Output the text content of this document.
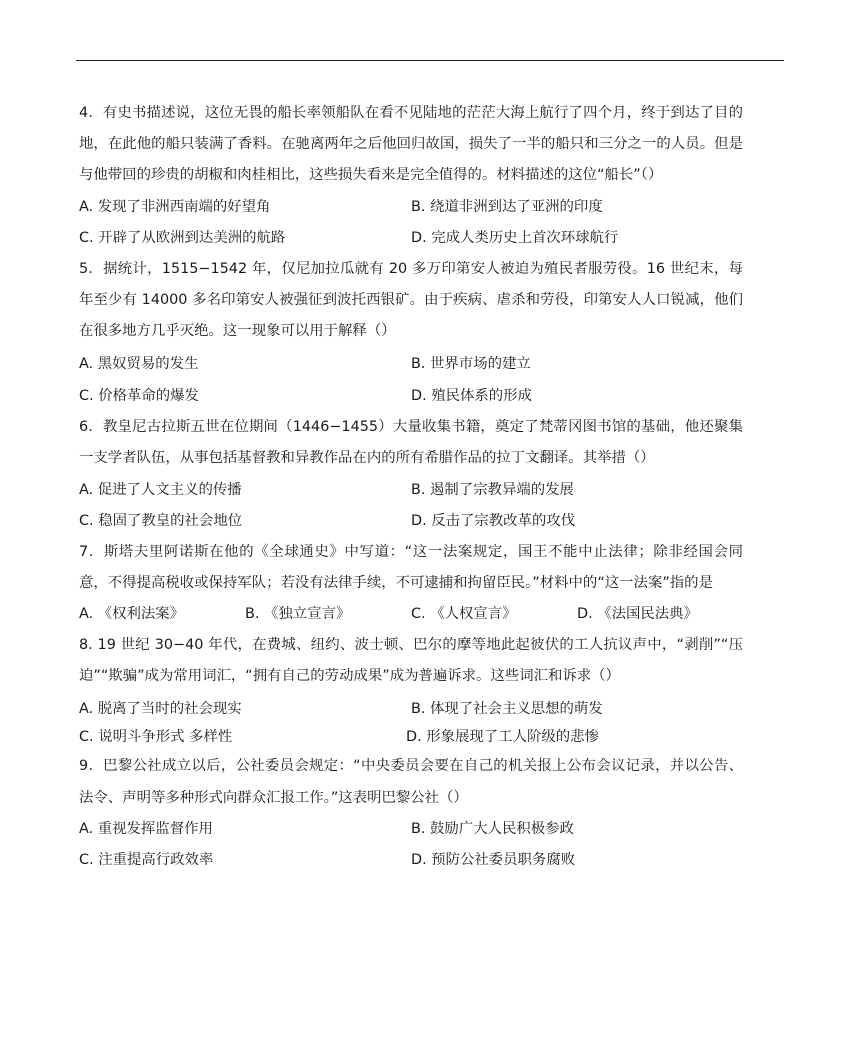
4．有史书描述说，这位无畏的船长率领船队在看不见陆地的茫茫大海上航行了四个月，终于到达了目的地，在此他的船只装满了香料。在驰离两年之后他回归故国，损失了一半的船只和三分之一的人员。但是与他带回的珍贵的胡椒和肉桂相比，这些损失看来是完全值得的。材料描述的这位“船长”（）

A. 发现了非洲西南端的好望角	B. 绕道非洲到达了亚洲的印度
C. 开辟了从欧洲到达美洲的航路	D. 完成人类历史上首次环球航行

5．据统计，1515−1542 年，仅尼加拉瓜就有 20 多万印第安人被迫为殖民者服劳役。16 世纪末，每年至少有 14000 多名印第安人被强征到波托西银矿。由于疾病、虐杀和劳役，印第安人人口锐减，他们在很多地方几乎灭绝。这一现象可以用于解释（）

A. 黑奴贸易的发生	B. 世界市场的建立
C. 价格革命的爆发	D. 殖民体系的形成

6．教皇尼古拉斯五世在位期间（1446−1455）大量收集书籍，奠定了梵蒂冈图书馆的基础，他还聚集一支学者队伍，从事包括基督教和异教作品在内的所有希腊作品的拉丁文翻译。其举措（）

A. 促进了人文主义的传播	B. 遏制了宗教异端的发展
C. 稳固了教皇的社会地位	D. 反击了宗教改革的攻伐

7．斯塔夫里阿诺斯在他的《全球通史》中写道：“这一法案规定，国王不能中止法律；除非经国会同意，不得提高税收或保持军队；若没有法律手续，不可逮捕和拘留臣民。”材料中的“这一法案”指的是

A. 《权利法案》	B. 《独立宣言》	C. 《人权宣言》	D. 《法国民法典》

8. 19 世纪 30−40 年代，在费城、纽约、波士顿、巴尔的摩等地此起彼伏的工人抗议声中，“剥削”“压迫”“欺骗”成为常用词汇，“拥有自己的劳动成果”成为普遍诉求。这些词汇和诉求（）

A. 脱离了当时的社会现实	B. 体现了社会主义思想的萌发
C. 说明斗争形式 多样性	D. 形象展现了工人阶级的悲惨

9．巴黎公社成立以后，公社委员会规定：“中央委员会要在自己的机关报上公布会议记录，并以公告、法令、声明等多种形式向群众汇报工作。”这表明巴黎公社（）

A. 重视发挥监督作用	B. 鼓励广大人民积极参政
C. 注重提高行政效率	D. 预防公社委员职务腐败
